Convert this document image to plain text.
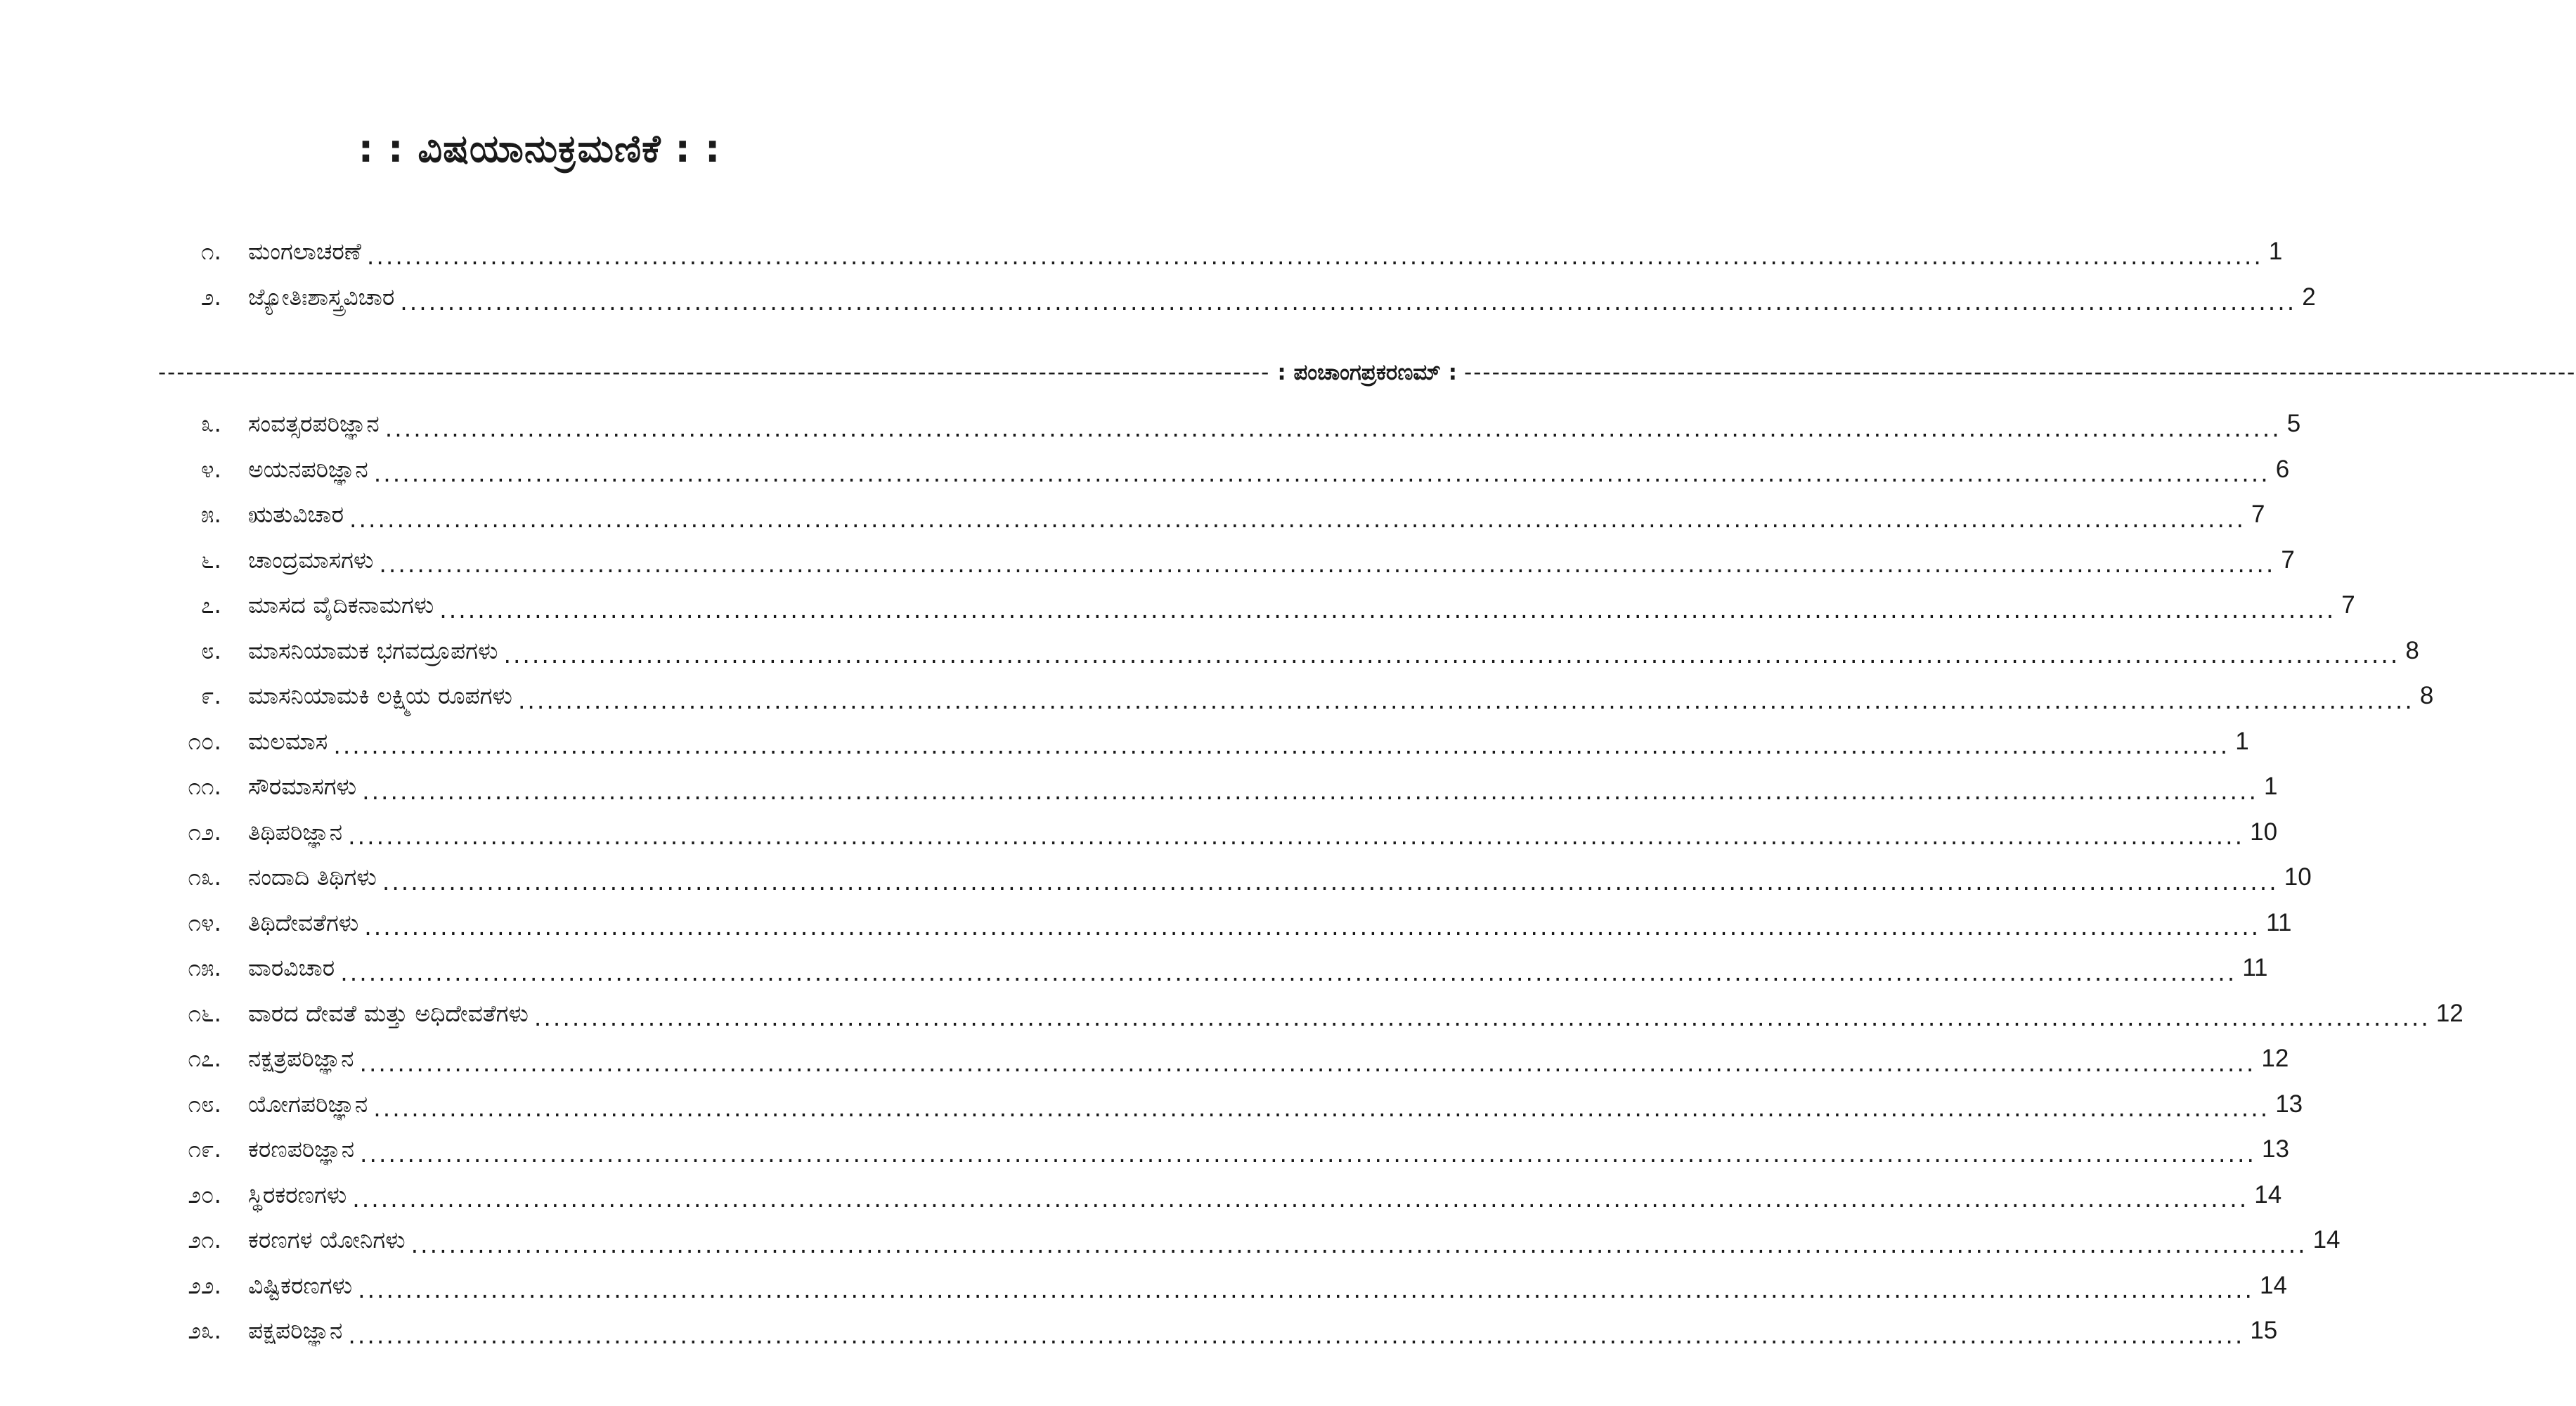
: : ವಿಷಯಾನುಕ್ರಮಣಿಕೆ : :
೧. ಮಂಗಲಾಚರಣೆ ........................................................................................................................................................................................................ 1
೨. ಜ್ಯೋತಿಃಶಾಸ್ತ್ರವಿಚಾರ ........................................................................................................................................................................................................ 2
------------------------------------------------------------------------------------------------------------------------ : ಪಂಚಾಂಗಪ್ರಕರಣಮ್ : ------------------------------------------------------------------------------------------------------------------------
೩. ಸಂವತ್ಸರಪರಿಜ್ಞಾನ ........................................................................................................................................................................................................ 5
೪. ಅಯನಪರಿಜ್ಞಾನ ........................................................................................................................................................................................................ 6
೫. ಋತುವಿಚಾರ ........................................................................................................................................................................................................ 7
೬. ಚಾಂದ್ರಮಾಸಗಳು ........................................................................................................................................................................................................ 7
೭. ಮಾಸದ ವೈದಿಕನಾಮಗಳು ........................................................................................................................................................................................................ 7
೮. ಮಾಸನಿಯಾಮಕ ಭಗವದ್ರೂಪಗಳು ........................................................................................................................................................................................................ 8
೯. ಮಾಸನಿಯಾಮಕಿ ಲಕ್ಷ್ಮಿಯ ರೂಪಗಳು ........................................................................................................................................................................................................ 8
೧೦. ಮಲಮಾಸ ........................................................................................................................................................................................................ 1
೧೧. ಸೌರಮಾಸಗಳು ........................................................................................................................................................................................................ 1
೧೨. ತಿಥಿಪರಿಜ್ಞಾನ ........................................................................................................................................................................................................ 10
೧೩. ನಂದಾದಿ ತಿಥಿಗಳು ........................................................................................................................................................................................................ 10
೧೪. ತಿಥಿದೇವತೆಗಳು ........................................................................................................................................................................................................ 11
೧೫. ವಾರವಿಚಾರ ........................................................................................................................................................................................................ 11
೧೬. ವಾರದ ದೇವತೆ ಮತ್ತು ಅಧಿದೇವತೆಗಳು ........................................................................................................................................................................................................ 12
೧೭. ನಕ್ಷತ್ರಪರಿಜ್ಞಾನ ........................................................................................................................................................................................................ 12
೧೮. ಯೋಗಪರಿಜ್ಞಾನ ........................................................................................................................................................................................................ 13
೧೯. ಕರಣಪರಿಜ್ಞಾನ ........................................................................................................................................................................................................ 13
೨೦. ಸ್ಥಿರಕರಣಗಳು ........................................................................................................................................................................................................ 14
೨೧. ಕರಣಗಳ ಯೋನಿಗಳು ........................................................................................................................................................................................................ 14
೨೨. ವಿಷ್ಟಿಕರಣಗಳು ........................................................................................................................................................................................................ 14
೨೩. ಪಕ್ಷಪರಿಜ್ಞಾನ ........................................................................................................................................................................................................ 15
